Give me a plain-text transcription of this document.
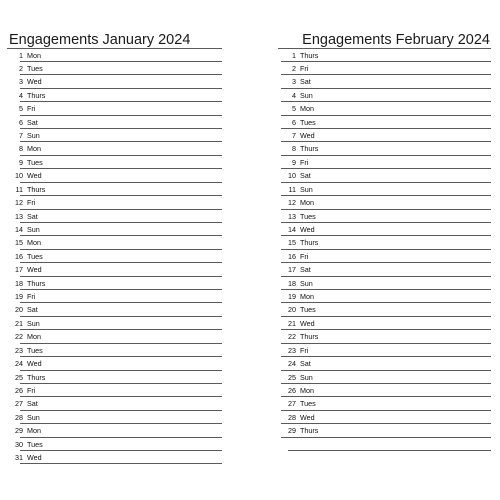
Engagements January 2024
1 Mon
2 Tues
3 Wed
4 Thurs
5 Fri
6 Sat
7 Sun
8 Mon
9 Tues
10 Wed
11 Thurs
12 Fri
13 Sat
14 Sun
15 Mon
16 Tues
17 Wed
18 Thurs
19 Fri
20 Sat
21 Sun
22 Mon
23 Tues
24 Wed
25 Thurs
26 Fri
27 Sat
28 Sun
29 Mon
30 Tues
31 Wed
Engagements February 2024
1 Thurs
2 Fri
3 Sat
4 Sun
5 Mon
6 Tues
7 Wed
8 Thurs
9 Fri
10 Sat
11 Sun
12 Mon
13 Tues
14 Wed
15 Thurs
16 Fri
17 Sat
18 Sun
19 Mon
20 Tues
21 Wed
22 Thurs
23 Fri
24 Sat
25 Sun
26 Mon
27 Tues
28 Wed
29 Thurs
